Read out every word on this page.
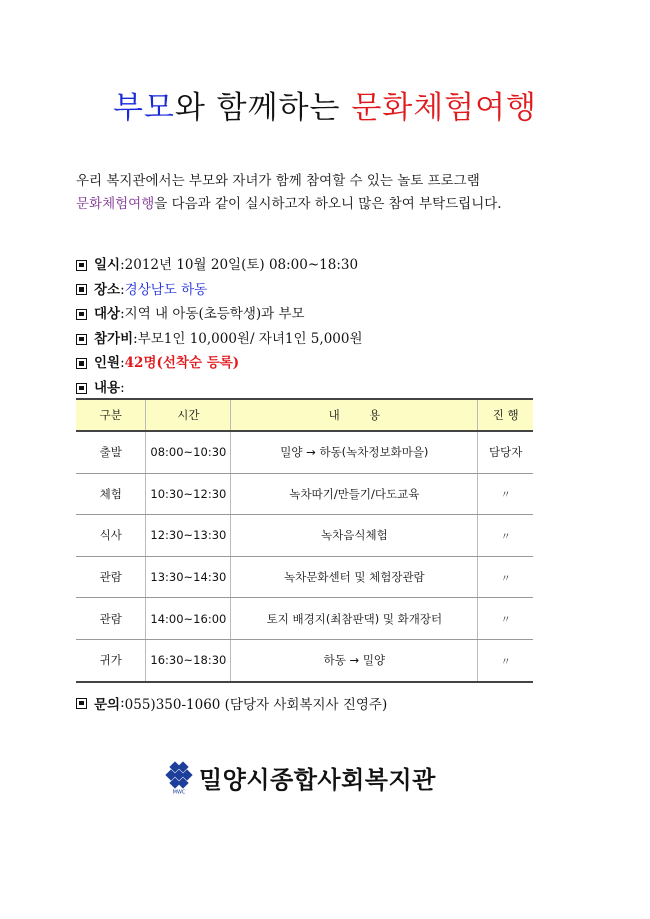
부모와 함께하는 문화체험여행
우리 복지관에서는 부모와 자녀가 함께 참여할 수 있는 놀토 프로그램
문화체험여행을 다음과 같이 실시하고자 하오니 많은 참여 부탁드립니다.
일시 : 2012년 10월 20일(토) 08:00~18:30
장소 : 경상남도 하동
대상 : 지역 내 아동(초등학생)과 부모
참가비 : 부모1인 10,000원/ 자녀1인 5,000원
인원 : 42명(선착순 등록)
내용 :
구분	시간	내        용	진 행
출발	08:00~10:30	밀양 → 하동(녹차정보화마을)	담당자
체험	10:30~12:30	녹차따기/만들기/다도교육	〃
식사	12:30~13:30	녹차음식체험	〃
관람	13:30~14:30	녹차문화센터 및 체험장관람	〃
관람	14:00~16:00	토지 배경지(최참판댁) 및 화개장터	〃
귀가	16:30~18:30	하동 → 밀양	〃
문의 : 055)350-1060 (담당자 사회복지사 진영주)
MWC 밀양시종합사회복지관
